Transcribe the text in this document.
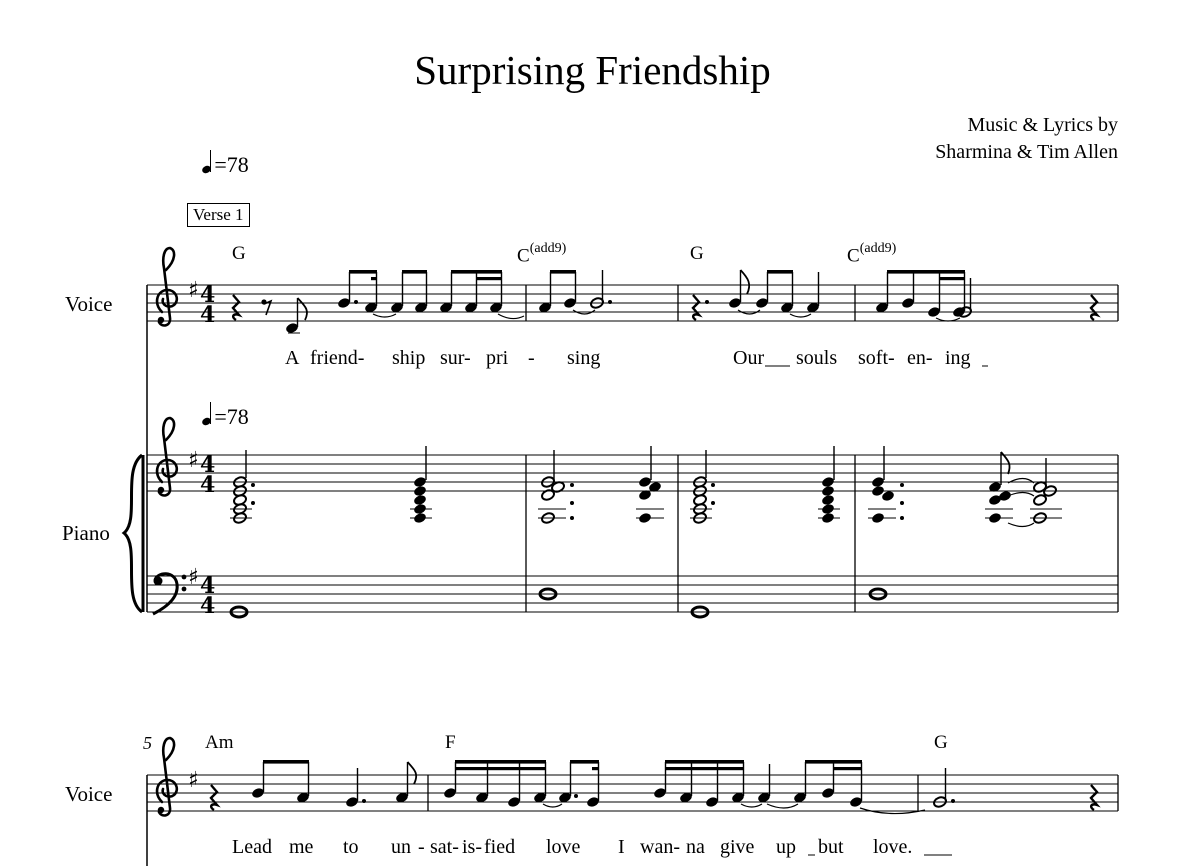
Surprising Friendship
Music & Lyrics by
Sharmina & Tim Allen
=78
Verse 1
G	$C^{(add9)}$	G	$C^{(add9)}$
Voice
Piano
Voice
A friend- ship sur- pri - sing	Our souls soft- en- ing
=78
5	Am	F	G
Lead me to un - sat- is- fied love I wan- na give up but love.
♯ 4
4
♯ 4
4
♯ 4
4
♯
